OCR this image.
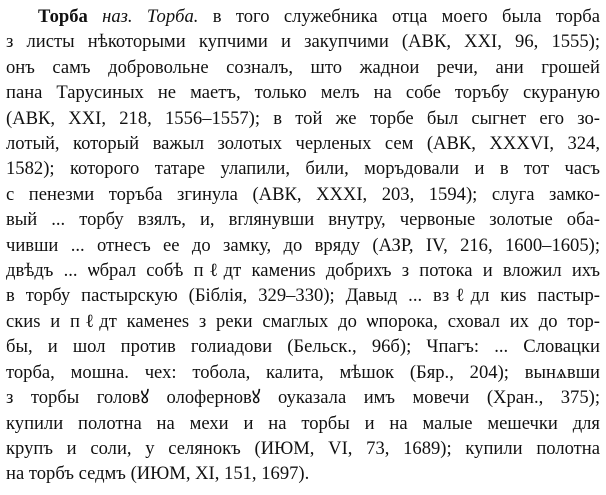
Торба наз. Торба. в того служебника отца моего была торба
з листы нѣкоторыми купчими и закупчими (АВК, XXI, 96, 1555);
онъ самъ добровольне созналъ, што жаднои речи, ани грошей
пана Тарусиных не маетъ, только мелъ на собе торъбу скураную
(АВК, XXI, 218, 1556–1557); в той же торбе был сыгнет его зо-
лотый, который важыл золотых черленых сем (АВК, XXXVI, 324,
1582); которого татаре улапили, били, моръдовали и в тот часъ
с пенезми торъба згинула (АВК, XXXI, 203, 1594); слуга замко-
вый ... торбу взялъ, и, вглянувши внутру, червоные золотые оба-
чивши ... отнесъ ее до замку, до вряду (АЗР, IV, 216, 1600–1605);
двѣдъ ... ѡбрал собѣ пℓдт камениѕ добрихъ з потока и вложил ихъ
в торбу пастырскую (Біблія, 329–330); Давыд ... взℓдл киѕ пастыр-
скиѕ и пℓдт каменеѕ з реки смаглых до ѡпорока, сховал их до тор-
бы, и шол против голиадови (Бельск., 96б); Чпагъ: ... Словацки
торба, мошна. чех: тобола, калита, мѣшок (Бяр., 204); вынѧвши
з торбы головꙋ олоферновꙋ оуказала имъ мовечи (Хран., 375);
купили полотна на мехи и на торбы и на малые мешечки для
крупъ и соли, у селянокъ (ИЮМ, VI, 73, 1689); купили полотна
на торбъ седмъ (ИЮМ, XI, 151, 1697).
